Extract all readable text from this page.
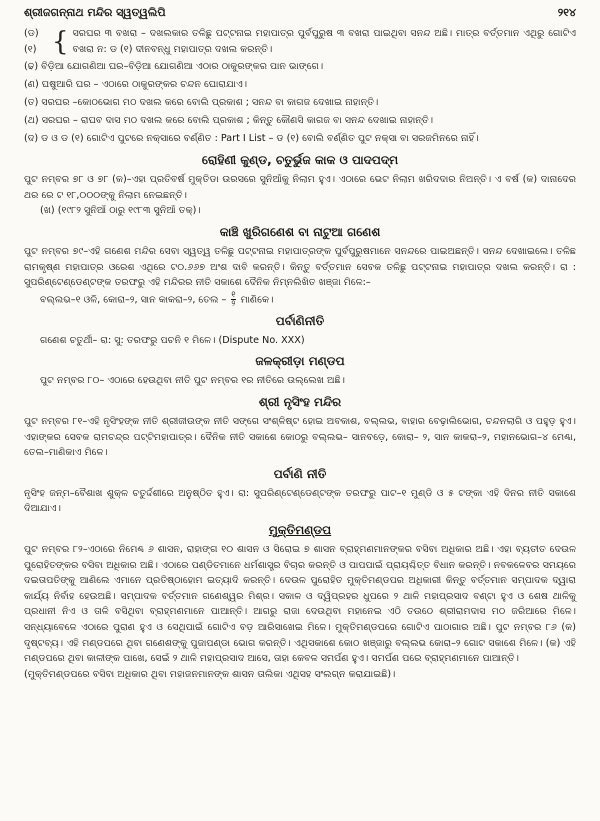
ଶ୍ରୀଜଗନ୍ନାଥ ମନ୍ଦିର ସ୍ୱତ୍ୱଲିପି	୨୧୪
(ଡ)
(୧) { ସରଘର ୩ ବଖରା – ଦଖଲକାର ତଳିଛୁ ପଟ୍ଟନାଇ ମହାପାତ୍ର ପୁର୍ବପୁରୁଷ ୩ ବଖରା ପାଇଥିବା ସନନ୍ଦ ଅଛି। ମାତ୍ର ବର୍ତ୍ତମାନ ଏଥିରୁ ଗୋଟିଏ ବଖରା ନ: ଡ (୧) ଦୀନବନ୍ଧୁ ମହାପାତ୍ର ଦଖଲ କରନ୍ତି।

(ଢ) ବିଡ଼ିଆ ଯୋଗଣିଆ ଘର–ବିଡ଼ିଆ ଯୋଗଣିଆ ଏଠାର ଠାକୁରଙ୍କର ପାନ ଭାଙ୍ଗେ।

(ଣ) ଘଷୁଆରି ଘର – ଏଠାରେ ଠାକୁରଙ୍କର ଚନ୍ଦନ ଘୋରାଯାଏ।

(ତ) ସରଘର –କୋଠଭୋଗ ମଠ ଦଖଲ କରେ ବୋଲି ପ୍ରକାଶ ; ସନନ୍ଦ ବା କାଗଜ ଦେଖାଇ ନାହାନ୍ତି।

(ଥ) ସରଘର – ରାଘବ ଦାସ ମଠ ଦଖଲ କରେ ବୋଲି ପ୍ରକାଶ ; କିନ୍ତୁ କୌଣସି କାଗଜ ବା ସନନ୍ଦ ଦେଖାଇ ନାହାନ୍ତି।

(ଦ) ଡ ଓ ଡ (୧) ଗୋଟିଏ ପୁଟରେ ନକ୍ସାରେ ବର୍ଣ୍ଣିତ : Part I List – ଡ (୧) ବୋଲି ବର୍ଣ୍ଣିତ ପୁଟ ନକ୍ସା ବା ସରଜମିନରେ ନାହିଁ।

ରୋହିଣୀ କୁଣ୍ଡ, ଚତୁର୍ଭୁଜ କାକ ଓ ପାଦପଦ୍ମ

ପୁଟ ନମ୍ବର ୭୮ ଓ ୭୮ (କ)–ଏହା ପ୍ରତିବର୍ଷ ମୁକ୍ତିଡା ଉରସରେ ସୁନିଆଁକୁ ନିଲାମ ହୁଏ। ଏଠାରେ ଭେଟ ନିଲାମ ଖରିଦଦାର ନିଅନ୍ତି। ଏ ବର୍ଷ (କ) ଦାନାଦେର ଥର ରେ ଟ ୧୮,୦୦୦ଙ୍କୁ ନିଲାମ ନେଇଛନ୍ତି।

(ଖ) (୧୯୮୨ ସୁନିଆଁ ଠାରୁ ୧୯୮୩ ସୁନିଆଁ ତକ୍)।

କାଞ୍ଚି ଖୁରିଗଣେଶ ବା ନାଟୁଆ ଗଣେଶ

ପୁଟ ନମ୍ବର ୭୯–ଏହି ଗଣେଶ ମନ୍ଦିର ସେବା ସ୍ୱତ୍ୱ ତଳିଛୁ ପଟ୍ଟନାଇ ମହାପାତ୍ରଙ୍କ ପୁର୍ବପୁରୁଷମାନେ ସନନ୍ଦରେ ପାଇଅଛନ୍ତି। ସନନ୍ଦ ଦେଖାଇଲେ। ତଳିଛ ରାମକୃଷ୍ଣ ମହାପାତ୍ର ଓରେଶ ଏଥିରେ ଟ୦.୬୬୭ ଅଂଶ ଦାବି କରନ୍ତି। କିନ୍ତୁ ବର୍ତ୍ତମାନ ସେବକ ତଳିଛୁ ପଟ୍ଟନାଇ ମହାପାତ୍ର ଦଖଲ କରନ୍ତି। ରା : ସୁପରିଣ୍ଟେଣ୍ଡେଣ୍ଟଙ୍କ ତରଫରୁ ଏହି ମନ୍ଦିରର ନୀତି ସକାଶେ ଦୈନିକ ନିମ୍ନଲିଖିତ ଖଞ୍ଜା ମିଳେ:–

ବଲ୍ଲଭ–୧ ଓଳି, କୋରା–୨, ସାନ କାକରା–୨, ତେଲ – $\frac{୧}{୨}$ ମାଣିକେ।

ପର୍ବାଣିନୀତି

ଗଣେଶ ଚତୁର୍ଥୀ– ରା: ସୁ: ତରଫରୁ ପଚନି ୧ ମିଳେ। (Dispute No. XXX)

ଜଳକ୍ରୀଡ଼ା ମଣ୍ଡପ

ପୁଟ ନମ୍ବର ୮୦– ଏଠାରେ ହେଉଥିବା ନୀତି ପୁଟ ନମ୍ବର ୧ର ନୀତିରେ ଉଲ୍ଲେଖ ଅଛି।

ଶ୍ରୀ ନୃସିଂହ ମନ୍ଦିର

ପୁଟ ନମ୍ବର ୮୧–ଏହି ନୃସିଂହଙ୍କ ନୀତି ଶ୍ରୀଜୀଉଙ୍କ ନୀତି ସଙ୍ଗେ ସଂଶ୍ଳିଷ୍ଟ ହୋଇ ଅବକାଶ, ବଲ୍ଲଭ, ବାହାର ବେଢ଼ାଲିଭୋଗ, ଚନ୍ଦନଲାଗି ଓ ପହୁଡ଼ ହୁଏ। ଏହାଙ୍କର ସେବକ ରାମଚନ୍ଦ୍ର ପଟ୍ଟିମହାପାତ୍ର। ଦୈନିକ ନୀତି ସକାଶେ କୋଠରୁ ବଲ୍ଲଭ– ସାନବଡ଼େ, କୋରା– ୨, ସାନ କାକରା–୨, ମହାନଭୋଗ–୪ ମେଣ୍ଢା, ତେଲ–ମାଣିକାଏ ମିଳେ।

ପର୍ବାଣି ନୀତି

ନୃସିଂହ ଜନ୍ମ–ବୈଶାଖ ଶୁକ୍ଳ ଚତୁର୍ଦ୍ଦଶୀରେ ଅନୁଷ୍ଠିତ ହୁଏ। ରା: ସୁପରିଣ୍ଟେଣ୍ଡେଣ୍ଟଙ୍କ ତରଫରୁ ପାଟ–୧ ମୁଣ୍ଡି ଓ ୫ ଟଙ୍କା ଏହି ଦିନର ନୀତି ସକାଶେ ଦିଆଯାଏ।

ମୁକ୍ତିମଣ୍ଡପ

ପୁଟ ନମ୍ବର ୮୨–ଏଠାରେ ନିମେଣ୍ଢ ୬ ଶାସନ, ରାହାଙ୍ଗ ୧୦ ଶାସନ ଓ ସିରୋଇ ୭ ଶାସନ ବ୍ରାହ୍ମଣମାନଙ୍କର ବସିବା ଅଧିକାର ଅଛି। ଏହା ବ୍ୟତୀତ ଦେଉଳ ପୁରୋହିତଙ୍କର ବସିବା ଅଧିକାର ଅଛି। ଏଠାରେ ପଣ୍ଡିତମାନେ ଧର୍ମଶାସ୍ତ୍ର ବିଚାର କରନ୍ତି ଓ ପାପପାଇଁ ପ୍ରାୟଶ୍ଚିତ୍ତ ବିଧାନ କରନ୍ତି। ନବକଳେବର ସମୟରେ ଦଇତାପତିଙ୍କୁ ଆଣିଲେ ଏମାନେ ପ୍ରତିଷ୍ଠାହୋମ ଇତ୍ୟାଦି କରନ୍ତି। ଦେଉଳ ପୁରୋହିତ ମୁକ୍ତିମଣ୍ଡପର ଅଧିକାରୀ କିନ୍ତୁ ବର୍ତ୍ତମାନ ସମ୍ପାଦକ ଦ୍ୱାରା କାର୍ଯ୍ୟ ନିର୍ବାହ ହେଉଅଛି। ସମ୍ପାଦକ ବର୍ତ୍ତମାନ ଗଣେଶ୍ୱର ମିଶ୍ର। ସକାଳ ଓ ଦ୍ୱିପ୍ରହର ଧୁପରେ ୨ ଥାଳି ମହାପ୍ରସାଦ ବଣ୍ଟା ହୁଏ ଓ ଶେଷ ଥାଳିକୁ ପ୍ରଧାନୀ ନିଏ ଓ ତାଳି ବସିଥିବା ବ୍ରାହ୍ମଣମାନେ ପାଆନ୍ତି। ଆଗରୁ ରାଜା ଦେଉଥିବା ମହାନେଇ ଏଠି ତଉଠେ ଶ୍ରୀରାମଦାସ ମଠ ଜରିଆରେ ମିଳେ। ସନ୍ଧ୍ୟାବେଳେ ଏଠାରେ ପୁରାଣ ହୁଏ ଓ ସେଥିପାଇଁ ଗୋଟିଏ ବଡ଼ ଆରିସାଖେଇ ମିଳେ। ମୁକ୍ତିମଣ୍ଡପରେ ଗୋଟିଏ ପାଠାଗାର ଅଛି। ପୁଟ ନମ୍ବର ୮୬ (କ) ଦୃଷ୍ଟବ୍ୟ। ଏହି ମଣ୍ଡପରେ ଥିବା ଗଣେଶଙ୍କୁ ପୁଜାପଣ୍ଡା ଭୋଗ କରନ୍ତି। ଏଥିସକାଶେ କୋଠ ଖଞ୍ଜାରୁ ବଲ୍ଲଭ କୋରା–୨ ଗୋଟ ସକାଶେ ମିଳେ। (କ) ଏହି ମଣ୍ଡପରେ ଥିବା କାଳୀଙ୍କ ପାଖେ, ସେଇଁ ୨ ଥାଳି ମହାପ୍ରସାଦ ଆସେ, ତାହା କେବଳ ସମର୍ପଣ ହୁଏ। ସମର୍ପଣ ପରେ ବ୍ରାହ୍ମଣମାନେ ପାଆନ୍ତି।

(ମୁକ୍ତିମଣ୍ଡପରେ ବସିବା ଅଧିକାର ଥିବା ମହାଜନମାନଙ୍କ ଶାସନ ତାଲିକା ଏଥିସହ ସଂଲଗ୍ନ କରାଯାଇଛି)।
